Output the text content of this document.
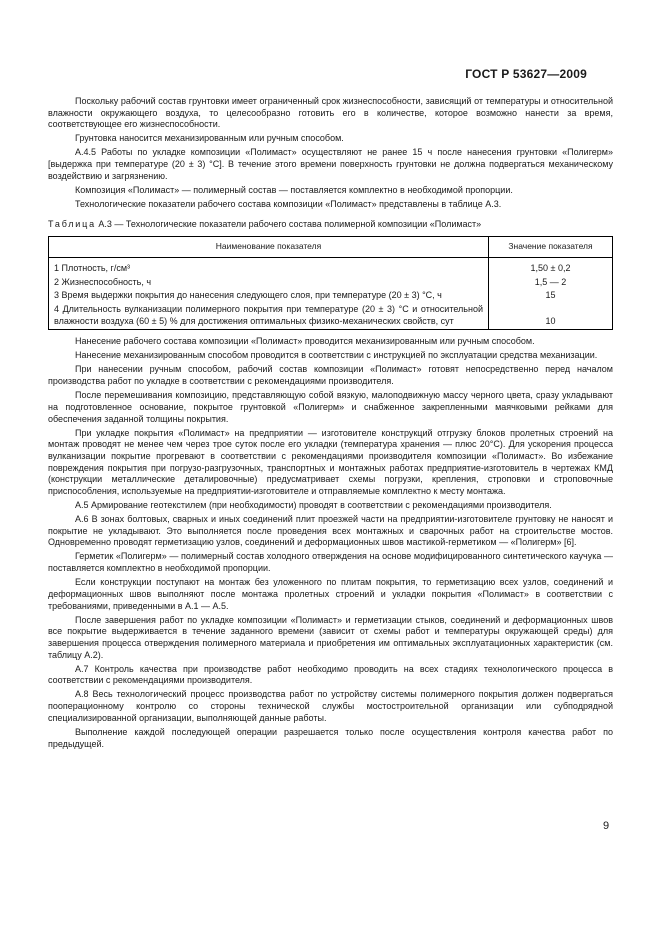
ГОСТ Р 53627—2009

Поскольку рабочий состав грунтовки имеет ограниченный срок жизнеспособности, зависящий от температуры и относительной влажности окружающего воздуха, то целесообразно готовить его в количестве, которое возможно нанести за время, соответствующее его жизнеспособности.

Грунтовка наносится механизированным или ручным способом.

А.4.5 Работы по укладке композиции «Полимаст» осуществляют не ранее 15 ч после нанесения грунтовки «Полигерм» [выдержка при температуре (20 ± 3) °С]. В течение этого времени поверхность грунтовки не должна подвергаться механическому воздействию и загрязнению.

Композиция «Полимаст» — полимерный состав — поставляется комплектно в необходимой пропорции.

Технологические показатели рабочего состава композиции «Полимаст» представлены в таблице А.3.

Таблица А.3 — Технологические показатели рабочего состава полимерной композиции «Полимаст»

Наименование показателя	Значение показателя
1 Плотность, г/см³	1,50 ± 0,2
2 Жизнеспособность, ч	1,5 — 2
3 Время выдержки покрытия до нанесения следующего слоя, при температуре (20 ± 3) °С, ч	15
4 Длительность вулканизации полимерного покрытия при температуре (20 ± 3) °С и относительной влажности воздуха (60 ± 5) % для достижения оптимальных физико-механических свойств, сут	10

Нанесение рабочего состава композиции «Полимаст» проводится механизированным или ручным способом.

Нанесение механизированным способом проводится в соответствии с инструкцией по эксплуатации средства механизации.

При нанесении ручным способом, рабочий состав композиции «Полимаст» готовят непосредственно перед началом производства работ по укладке в соответствии с рекомендациями производителя.

После перемешивания композицию, представляющую собой вязкую, малоподвижную массу черного цвета, сразу укладывают на подготовленное основание, покрытое грунтовкой «Полигерм» и снабженное закрепленными маячковыми рейками для обеспечения заданной толщины покрытия.

При укладке покрытия «Полимаст» на предприятии — изготовителе конструкций отгрузку блоков пролетных строений на монтаж проводят не менее чем через трое суток после его укладки (температура хранения — плюс 20°С). Для ускорения процесса вулканизации покрытие прогревают в соответствии с рекомендациями производителя композиции «Полимаст». Во избежание повреждения покрытия при погрузо-разгрузочных, транспортных и монтажных работах предприятие-изготовитель в чертежах КМД (конструкции металлические деталировочные) предусматривает схемы погрузки, крепления, строповки и строповочные приспособления, используемые на предприятии-изготовителе и отправляемые комплектно к месту монтажа.

А.5 Армирование геотекстилем (при необходимости) проводят в соответствии с рекомендациями производителя.

А.6 В зонах болтовых, сварных и иных соединений плит проезжей части на предприятии-изготовителе грунтовку не наносят и покрытие не укладывают. Это выполняется после проведения всех монтажных и сварочных работ на строительстве мостов. Одновременно проводят герметизацию узлов, соединений и деформационных швов мастикой-герметиком — «Полигерм» [6].

Герметик «Полигерм» — полимерный состав холодного отверждения на основе модифицированного синтетического каучука — поставляется комплектно в необходимой пропорции.

Если конструкции поступают на монтаж без уложенного по плитам покрытия, то герметизацию всех узлов, соединений и деформационных швов выполняют после монтажа пролетных строений и укладки покрытия «Полимаст» в соответствии с требованиями, приведенными в А.1 — А.5.

После завершения работ по укладке композиции «Полимаст» и герметизации стыков, соединений и деформационных швов все покрытие выдерживается в течение заданного времени (зависит от схемы работ и температуры окружающей среды) для завершения процесса отверждения полимерного материала и приобретения им оптимальных эксплуатационных характеристик (см. таблицу А.2).

А.7 Контроль качества при производстве работ необходимо проводить на всех стадиях технологического процесса в соответствии с рекомендациями производителя.

А.8 Весь технологический процесс производства работ по устройству системы полимерного покрытия должен подвергаться пооперационному контролю со стороны технической службы мостостроительной организации или субподрядной специализированной организации, выполняющей данные работы.

Выполнение каждой последующей операции разрешается только после осуществления контроля качества работ по предыдущей.

9
